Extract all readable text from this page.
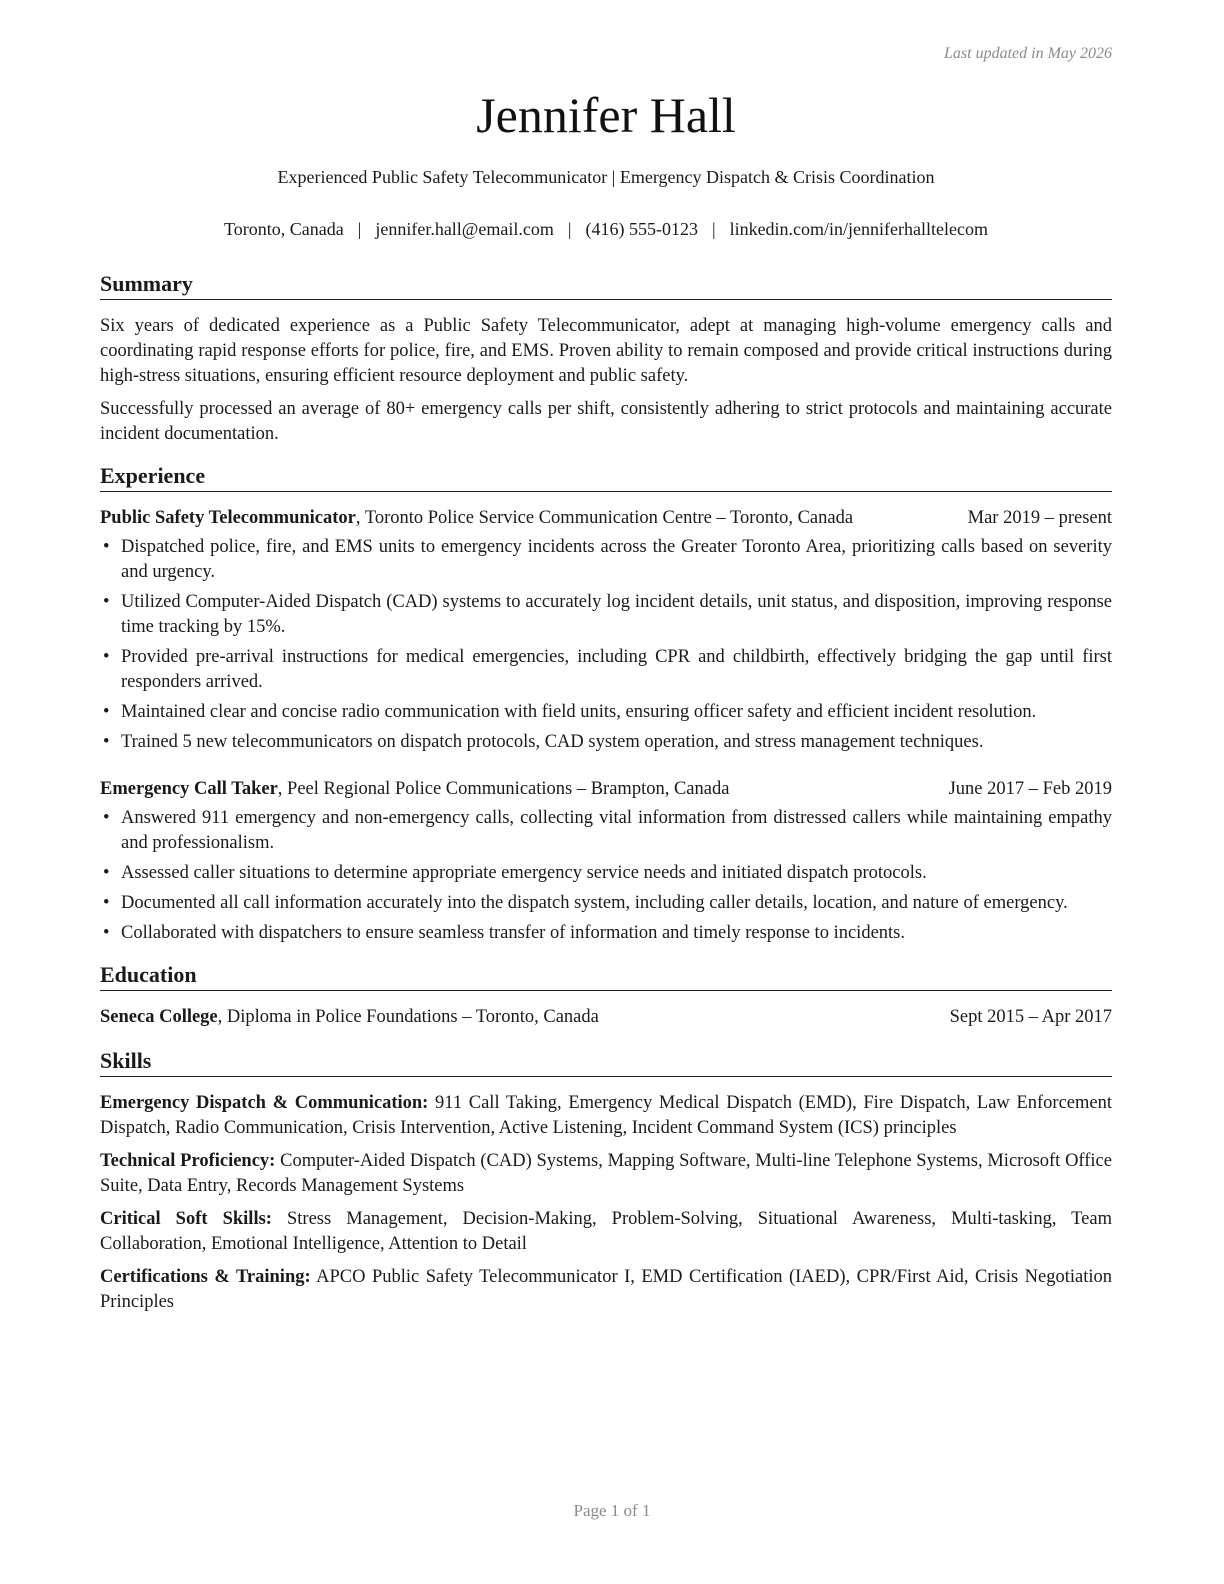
Last updated in May 2026
Jennifer Hall
Experienced Public Safety Telecommunicator | Emergency Dispatch & Crisis Coordination
Toronto, Canada | jennifer.hall@email.com | (416) 555-0123 | linkedin.com/in/jenniferhalltelecom
Summary

Six years of dedicated experience as a Public Safety Telecommunicator, adept at managing high-volume emergency calls and coordinating rapid response efforts for police, fire, and EMS. Proven ability to remain composed and provide critical instructions during high-stress situations, ensuring efficient resource deployment and public safety.

Successfully processed an average of 80+ emergency calls per shift, consistently adhering to strict protocols and maintaining accurate incident documentation.

Experience
Public Safety Telecommunicator, Toronto Police Service Communication Centre – Toronto, Canada	Mar 2019 – present
• Dispatched police, fire, and EMS units to emergency incidents across the Greater Toronto Area, prioritizing calls based on severity and urgency.
• Utilized Computer-Aided Dispatch (CAD) systems to accurately log incident details, unit status, and disposition, improving response time tracking by 15%.
• Provided pre-arrival instructions for medical emergencies, including CPR and childbirth, effectively bridging the gap until first responders arrived.
• Maintained clear and concise radio communication with field units, ensuring officer safety and efficient incident resolution.
• Trained 5 new telecommunicators on dispatch protocols, CAD system operation, and stress management techniques.
Emergency Call Taker, Peel Regional Police Communications – Brampton, Canada	June 2017 – Feb 2019
• Answered 911 emergency and non-emergency calls, collecting vital information from distressed callers while maintaining empathy and professionalism.
• Assessed caller situations to determine appropriate emergency service needs and initiated dispatch protocols.
• Documented all call information accurately into the dispatch system, including caller details, location, and nature of emergency.
• Collaborated with dispatchers to ensure seamless transfer of information and timely response to incidents.
Education
Seneca College, Diploma in Police Foundations – Toronto, Canada	Sept 2015 – Apr 2017
Skills

Emergency Dispatch & Communication: 911 Call Taking, Emergency Medical Dispatch (EMD), Fire Dispatch, Law Enforcement Dispatch, Radio Communication, Crisis Intervention, Active Listening, Incident Command System (ICS) principles

Technical Proficiency: Computer-Aided Dispatch (CAD) Systems, Mapping Software, Multi-line Telephone Systems, Microsoft Office Suite, Data Entry, Records Management Systems

Critical Soft Skills: Stress Management, Decision-Making, Problem-Solving, Situational Awareness, Multi-tasking, Team Collaboration, Emotional Intelligence, Attention to Detail

Certifications & Training: APCO Public Safety Telecommunicator I, EMD Certification (IAED), CPR/First Aid, Crisis Negotiation Principles

Page 1 of 1
